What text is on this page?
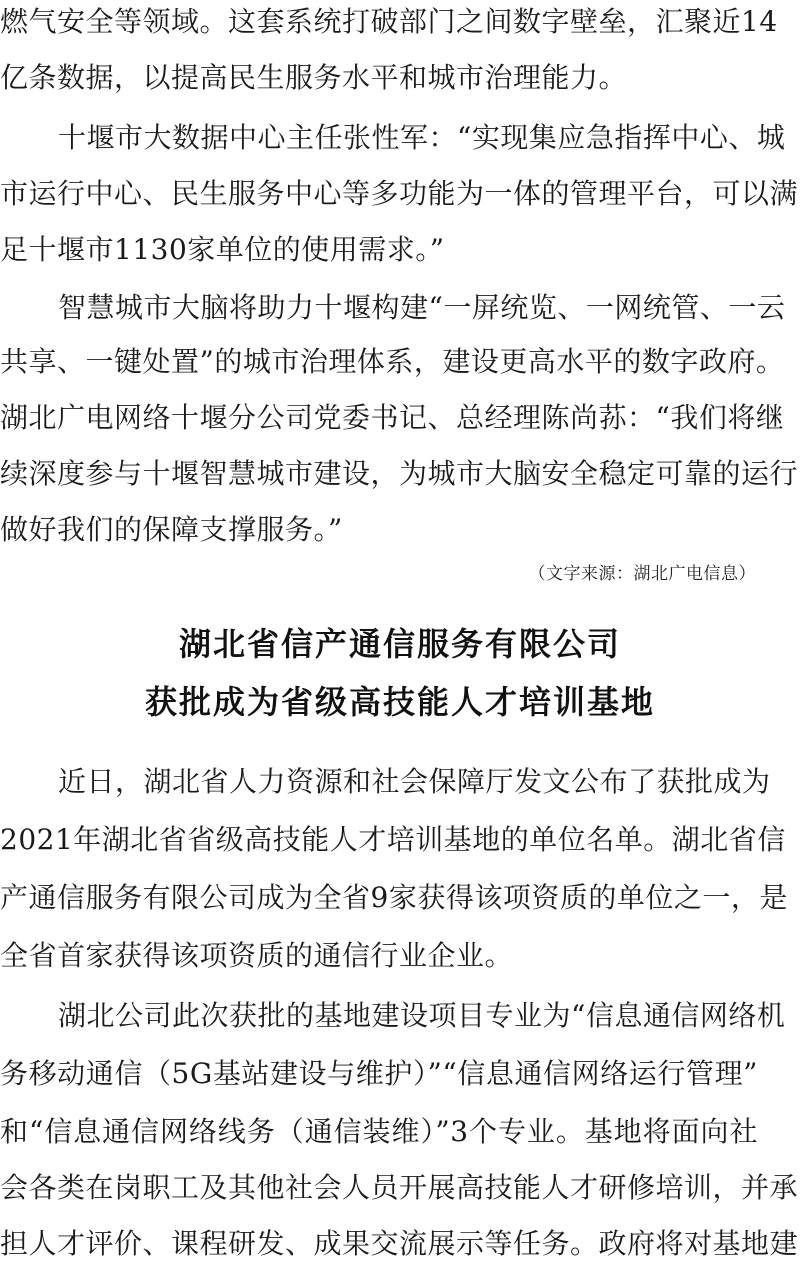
燃气安全等领域。这套系统打破部门之间数字壁垒，汇聚近14
亿条数据，以提高民生服务水平和城市治理能力。
十堰市大数据中心主任张性军：“实现集应急指挥中心、城
市运行中心、民生服务中心等多功能为一体的管理平台，可以满
足十堰市1130家单位的使用需求。”
智慧城市大脑将助力十堰构建“一屏统览、一网统管、一云
共享、一键处置”的城市治理体系，建设更高水平的数字政府。
湖北广电网络十堰分公司党委书记、总经理陈尚荪：“我们将继
续深度参与十堰智慧城市建设，为城市大脑安全稳定可靠的运行
做好我们的保障支撑服务。”
（文字来源：湖北广电信息）
湖北省信产通信服务有限公司
获批成为省级高技能人才培训基地
近日，湖北省人力资源和社会保障厅发文公布了获批成为
2021年湖北省省级高技能人才培训基地的单位名单。湖北省信
产通信服务有限公司成为全省9家获得该项资质的单位之一，是
全省首家获得该项资质的通信行业企业。
湖北公司此次获批的基地建设项目专业为“信息通信网络机
务移动通信（5G基站建设与维护）”“信息通信网络运行管理”
和“信息通信网络线务（通信装维）”3个专业。基地将面向社
会各类在岗职工及其他社会人员开展高技能人才研修培训，并承
担人才评价、课程研发、成果交流展示等任务。政府将对基地建
